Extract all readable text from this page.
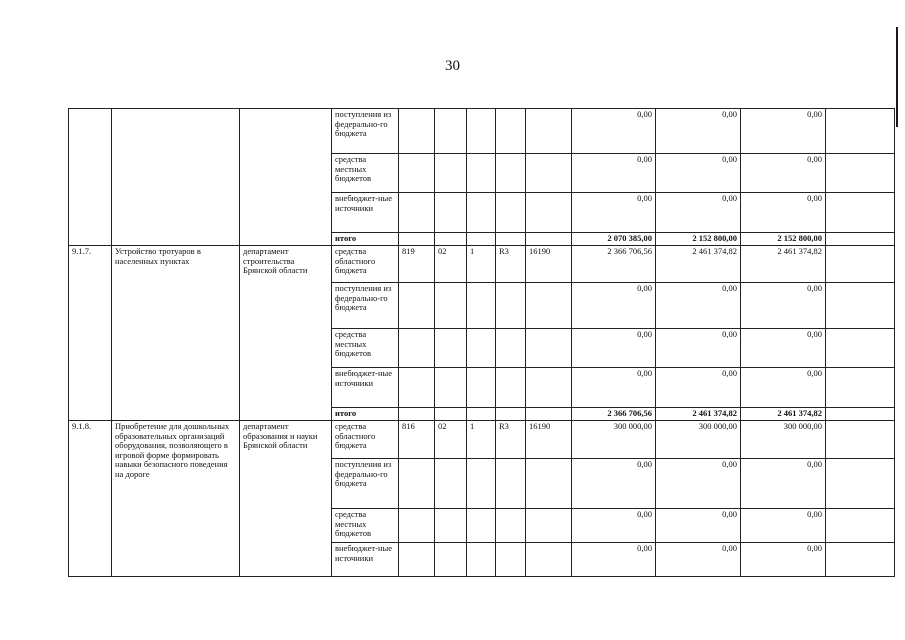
30
			поступления из федерально-го бюджета						0,00	0,00	0,00	
			средства местных бюджетов						0,00	0,00	0,00	
			внебюджет-ные источники						0,00	0,00	0,00	
			итого						2 070 385,00	2 152 800,00	2 152 800,00	
9.1.7.	Устройство тротуаров в населенных пунктах	департамент строительства Брянской области	средства областного бюджета	819	02	1	R3	16190	2 366 706,56	2 461 374,82	2 461 374,82	
			поступления из федерально-го бюджета						0,00	0,00	0,00	
			средства местных бюджетов						0,00	0,00	0,00	
			внебюджет-ные источники						0,00	0,00	0,00	
			итого						2 366 706,56	2 461 374,82	2 461 374,82	
9.1.8.	Приобретение для дошкольных образовательных организаций оборудования, позволяющего в игровой форме формировать навыки безопасного поведения на дороге	департамент образования и науки Брянской области	средства областного бюджета	816	02	1	R3	16190	300 000,00	300 000,00	300 000,00	
			поступления из федерально-го бюджета						0,00	0,00	0,00	
			средства местных бюджетов						0,00	0,00	0,00	
			внебюджет-ные источники						0,00	0,00	0,00	
